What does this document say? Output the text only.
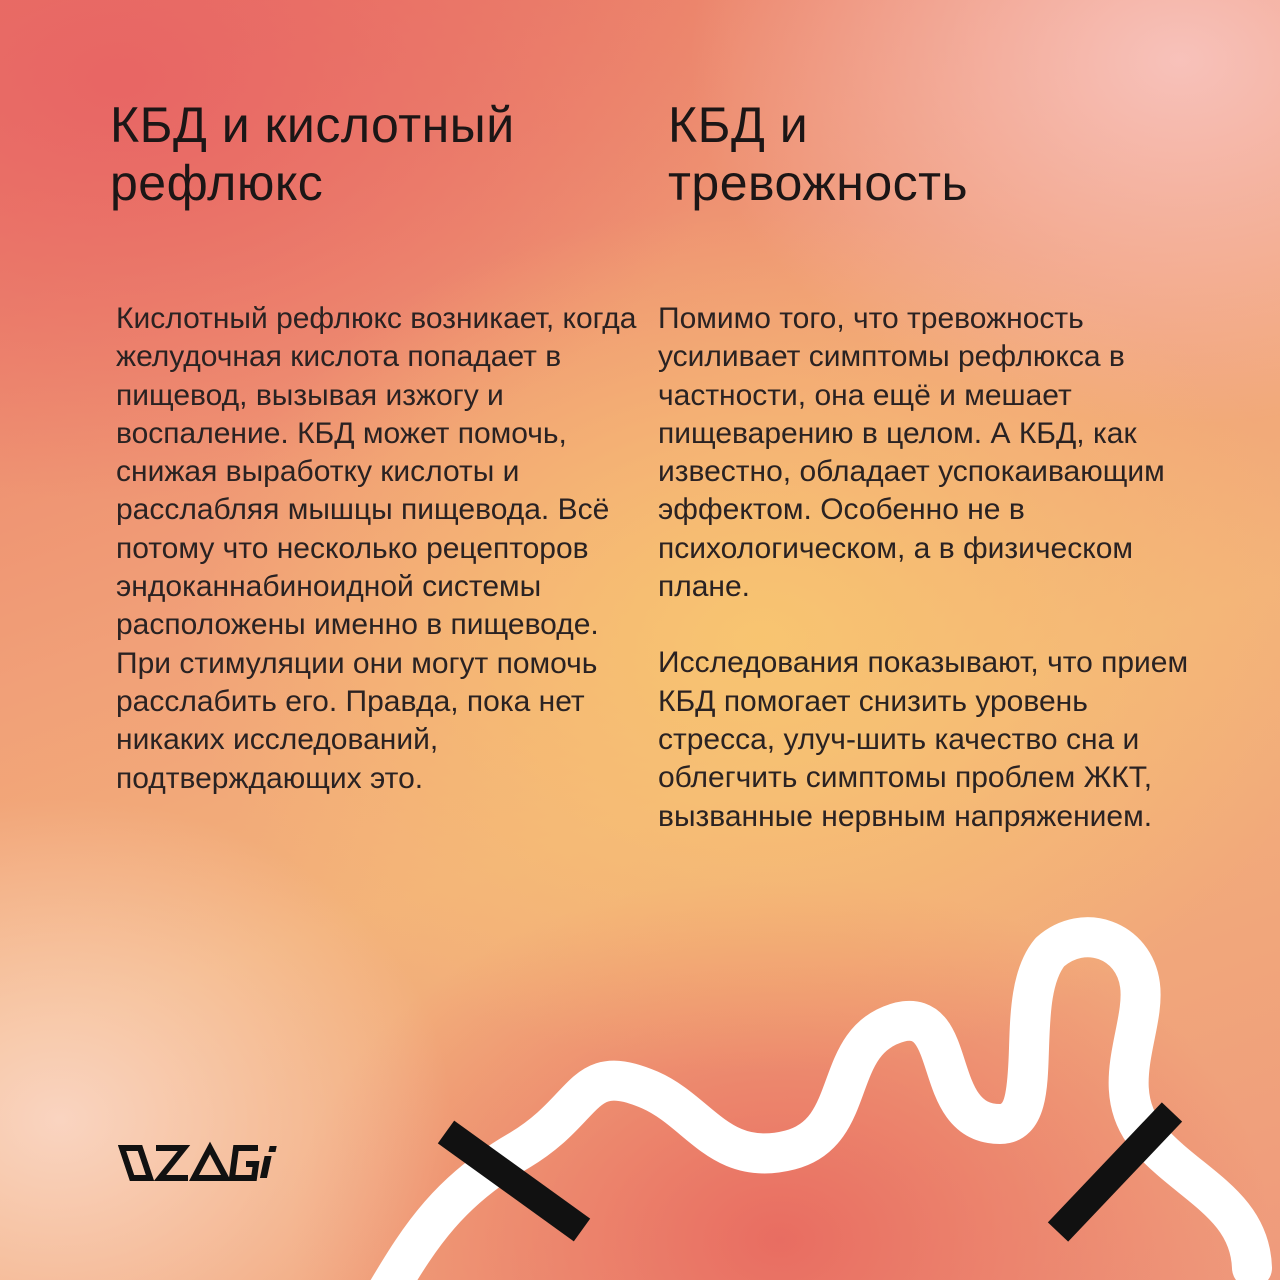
КБД и кислотный рефлюкс
КБД и тревожность

Кислотный рефлюкс возникает, когда желудочная кислота попадает в пищевод, вызывая изжогу и воспаление. КБД может помочь, снижая выработку кислоты и расслабляя мышцы пищевода. Всё потому что несколько рецепторов эндоканнабиноидной системы расположены именно в пищеводе. При стимуляции они могут помочь расслабить его. Правда, пока нет никаких исследований, подтверждающих это.

Помимо того, что тревожность усиливает симптомы рефлюкса в частности, она ещё и мешает пищеварению в целом. А КБД, как известно, обладает успокаивающим эффектом. Особенно не в психологическом, а в физическом плане.

Исследования показывают, что прием КБД помогает снизить уровень стресса, улуч-шить качество сна и облегчить симптомы проблем ЖКТ, вызванные нервным напряжением.
